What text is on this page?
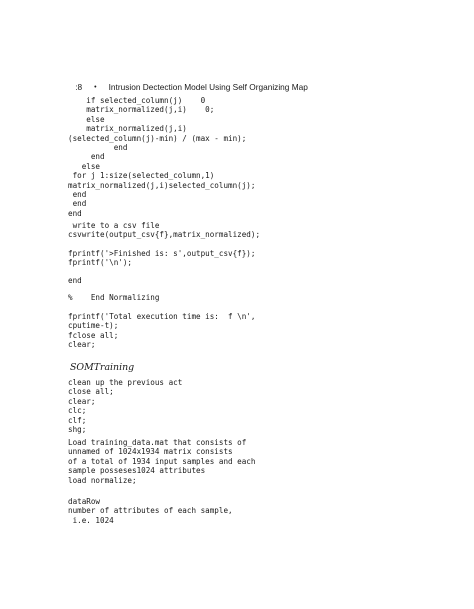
:8 • Intrusion Dectection Model Using Self Organizing Map

if selected_column(j)    0
matrix_normalized(j,i)    0;
else
matrix_normalized(j,i)
(selected_column(j)-min) / (max - min);
end
end
else
for j 1:size(selected_column,1)
matrix_normalized(j,i)selected_column(j);
end
end
end
write to a csv file
csvwrite(output_csv{f},matrix_normalized);
fprintf('>Finished is: s',output_csv{f});
fprintf('\n');
end
%    End Normalizing
fprintf('Total execution time is:  f \n',
cputime-t);
fclose all;
clear;
SOMTraining
clean up the previous act
close all;
clear;
clc;
clf;
shg;
Load training_data.mat that consists of
unnamed of 1024x1934 matrix consists
of a total of 1934 input samples and each
sample posseses1024 attributes
load normalize;
dataRow
number of attributes of each sample,
i.e. 1024
